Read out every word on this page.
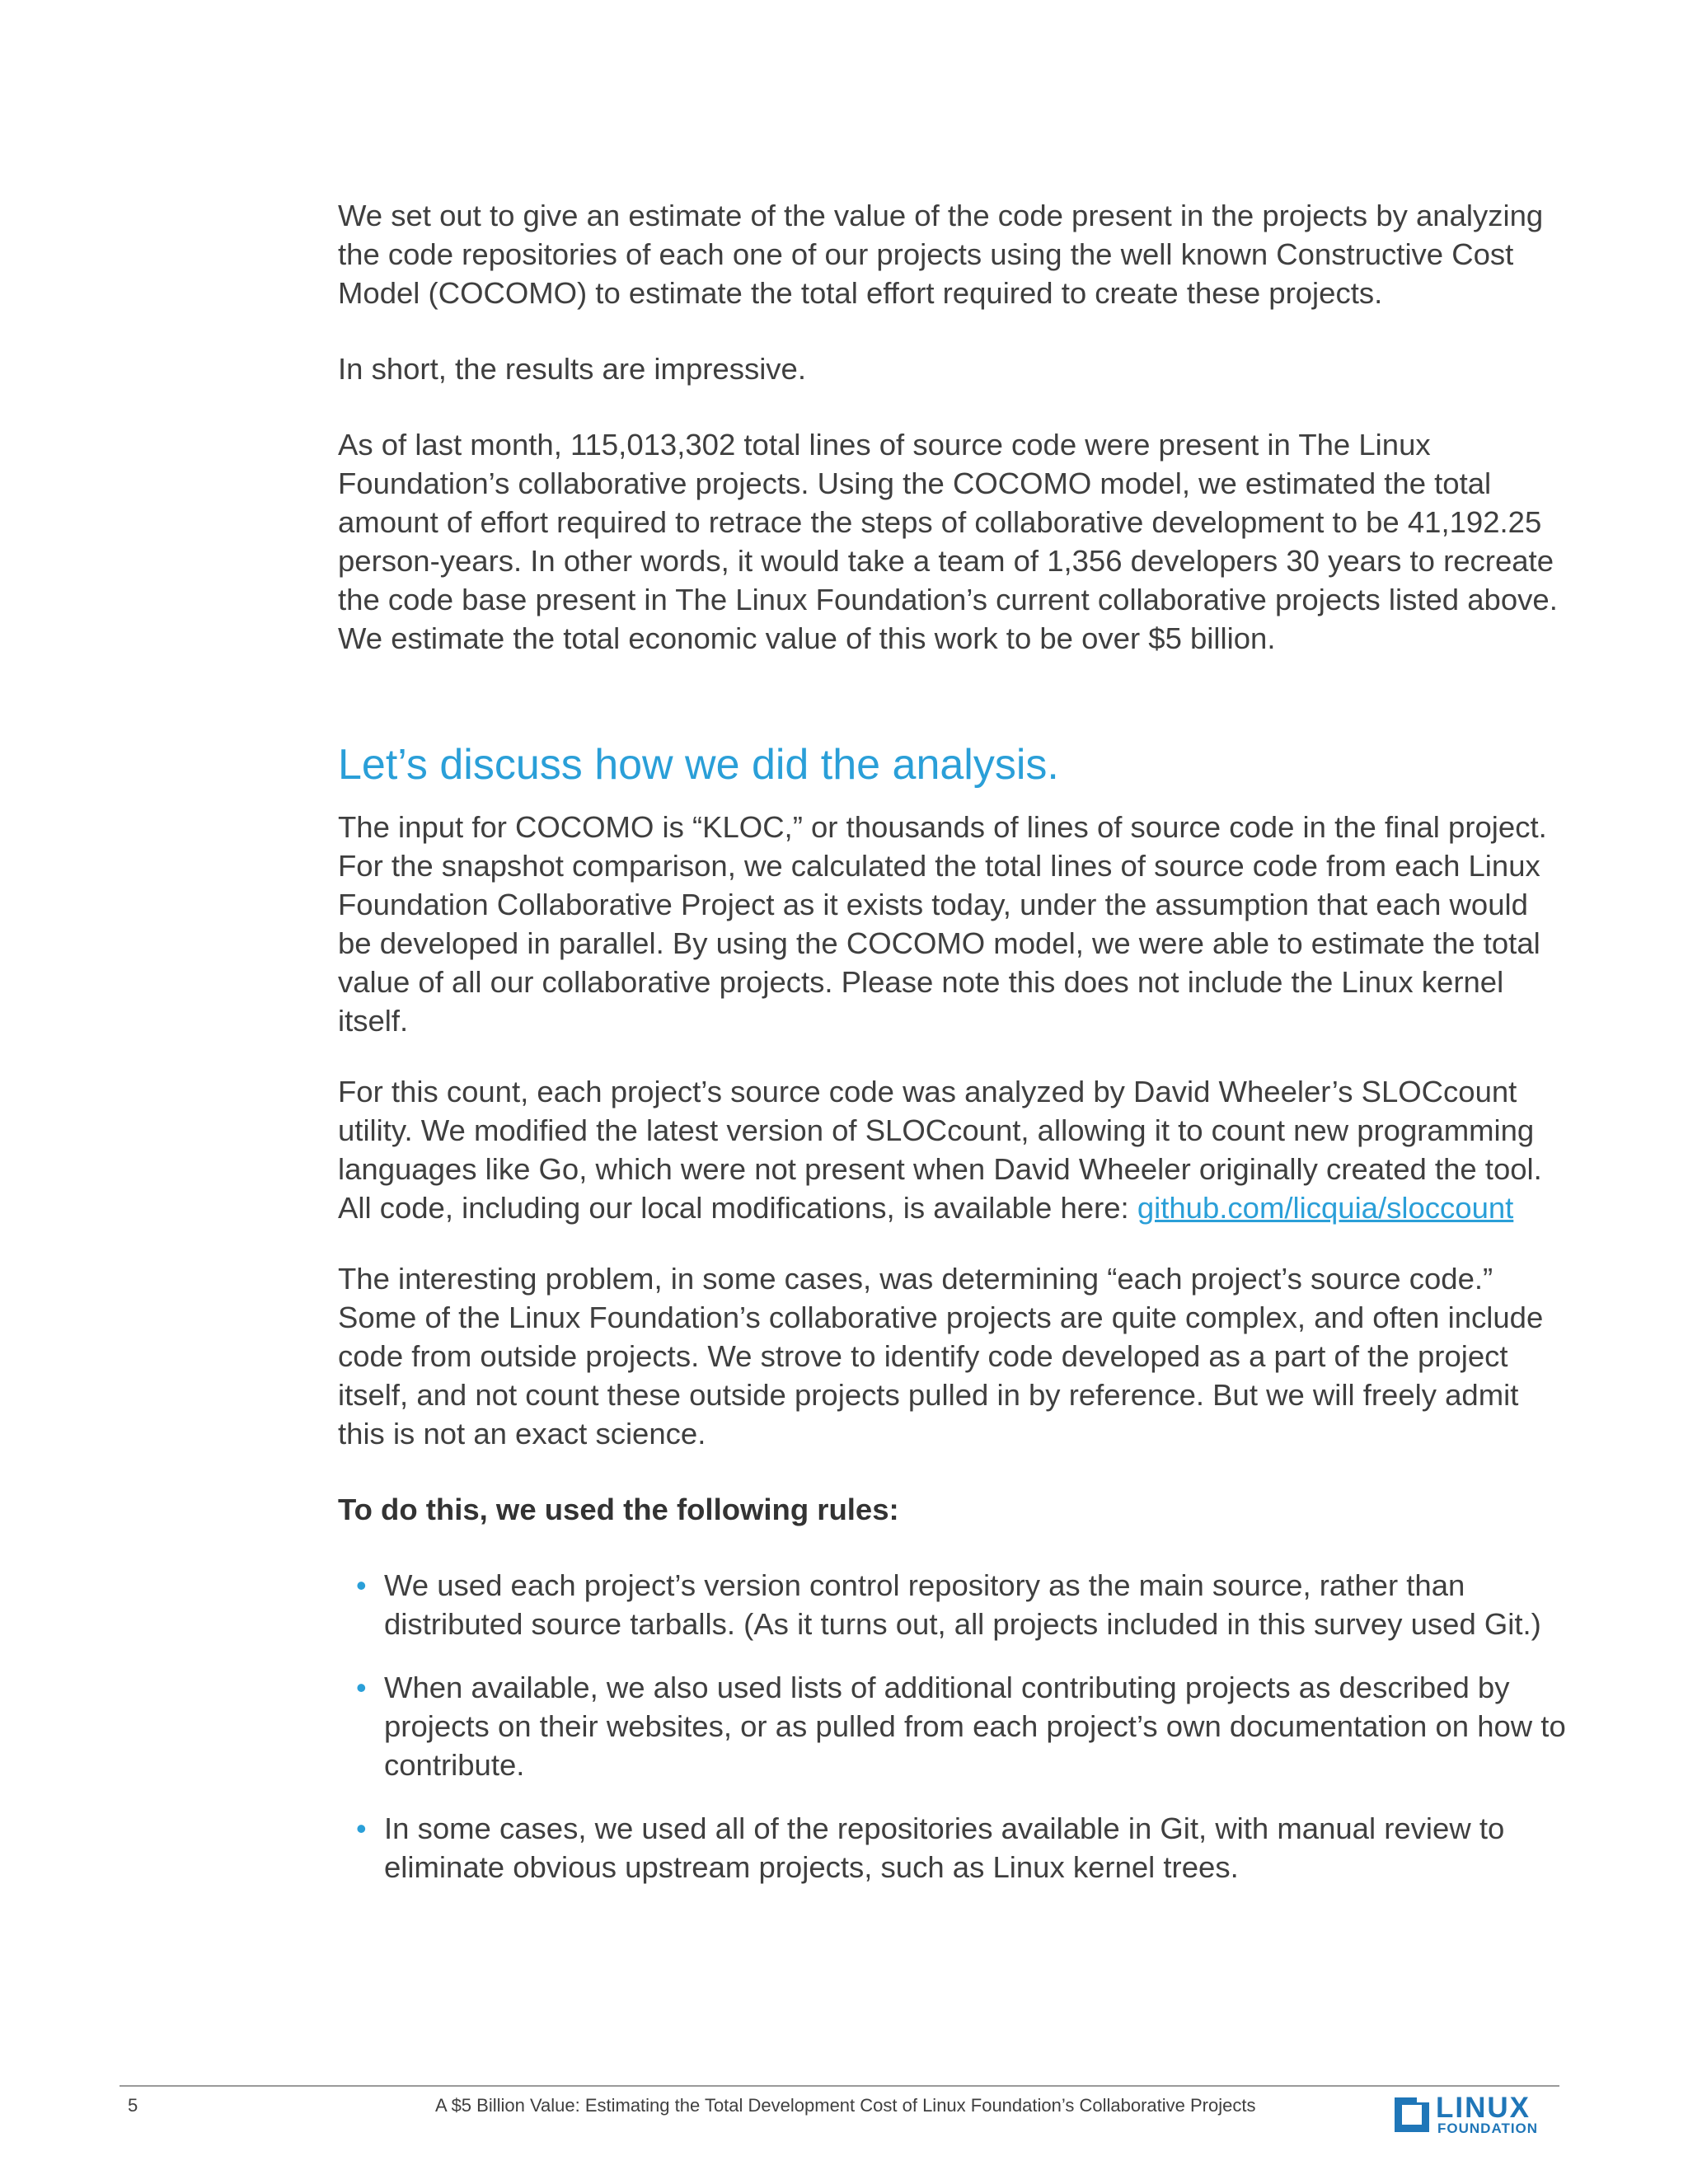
We set out to give an estimate of the value of the code present in the projects by analyzing the code repositories of each one of our projects using the well known Constructive Cost Model (COCOMO) to estimate the total effort required to create these projects.

In short, the results are impressive.

As of last month, 115,013,302 total lines of source code were present in The Linux Foundation’s collaborative projects. Using the COCOMO model, we estimated the total amount of effort required to retrace the steps of collaborative development to be 41,192.25 person-years. In other words, it would take a team of 1,356 developers 30 years to recreate the code base present in The Linux Foundation’s current collaborative projects listed above. We estimate the total economic value of this work to be over $5 billion.

Let’s discuss how we did the analysis.

The input for COCOMO is “KLOC,” or thousands of lines of source code in the final project. For the snapshot comparison, we calculated the total lines of source code from each Linux Foundation Collaborative Project as it exists today, under the assumption that each would be developed in parallel. By using the COCOMO model, we were able to estimate the total value of all our collaborative projects. Please note this does not include the Linux kernel itself.

For this count, each project’s source code was analyzed by David Wheeler’s SLOCcount utility. We modified the latest version of SLOCcount, allowing it to count new programming languages like Go, which were not present when David Wheeler originally created the tool. All code, including our local modifications, is available here: github.com/licquia/sloccount

The interesting problem, in some cases, was determining “each project’s source code.” Some of the Linux Foundation’s collaborative projects are quite complex, and often include code from outside projects. We strove to identify code developed as a part of the project itself, and not count these outside projects pulled in by reference. But we will freely admit this is not an exact science.

To do this, we used the following rules:
• We used each project’s version control repository as the main source, rather than distributed source tarballs. (As it turns out, all projects included in this survey used Git.)
• When available, we also used lists of additional contributing projects as described by projects on their websites, or as pulled from each project’s own documentation on how to contribute.
• In some cases, we used all of the repositories available in Git, with manual review to eliminate obvious upstream projects, such as Linux kernel trees.
5	A $5 Billion Value: Estimating the Total Development Cost of Linux Foundation’s Collaborative Projects	LINUX
FOUNDATION
